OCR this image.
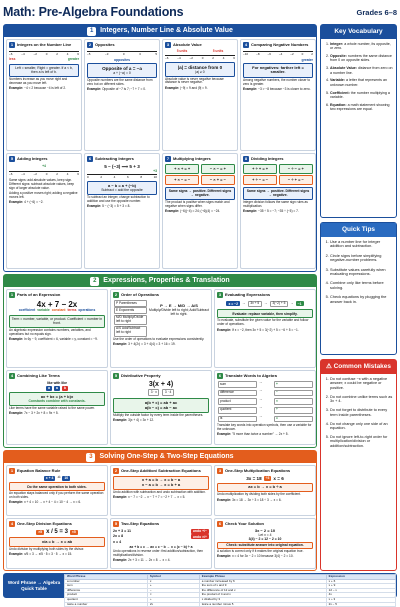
Math: Pre-Algebra Foundations	Grades 6–8
1 Integers, Number Line & Absolute Value
1 Integers on the Number Line
−6	−4	−2	0	2	4	6
less	greater
Left = smaller, Right = greater. If a < b, then a is left of b.

Numbers increase as you move right and decrease as you move left.

Example: −4 < 2 because −4 is left of 2.
2 Opposites
−5	−3	0	3	5
opposites
Opposite of a = −a
a + (−a) = 0

Opposite numbers are the same distance from zero but on different sides.

Example: Opposite of −7 is 7; −7 + 7 = 0.
3 Absolute Value
5 units	5 units
−6	−4	−2	0	2	4	6
|a| = distance from 0
|a| ≥ 0

Absolute value is never negative because distance is never negative.

Example: |−9| = 9 and |9| = 9.
4 Comparing Negative Numbers
−10	−8	−6	−4	−2	0	2
greater
For negatives: farther left = smaller.

Among negative numbers, the number closer to zero is greater.

Example: −3 > −8 because −3 is closer to zero.
5 Adding Integers
+4
−6	−4	−2	0	2	4	6

Same signs: add absolute values, keep sign. Different signs: subtract absolute values, keep sign of larger absolute value.

Adding a positive moves right; adding a negative moves left.

Example: 4 + (−6) = −2.
6 Subtracting Integers
5 − (−3) ⟹ 5 + 3
+3
0	2	4	6	8	10
a − b = a + (−b)
Subtract = add the opposite

To subtract an integer, change subtraction to addition and use the opposite number.

Example: 5 − (−3) = 5 + 3 = 8.
7 Multiplying Integers
+ × + = +	− × − = +
+ × − = −	− × + = −
Same signs → positive. Different signs → negative.

The product is positive when signs match and negative when signs differ.

Example: (−6)(−4) = 24; (−6)(4) = −24.
8 Dividing Integers
+ ÷ + = +	− ÷ − = +
+ ÷ − = −	− ÷ + = −
Same signs → positive. Different signs → negative.

Integer division follows the same sign rules as multiplication.

Example: −35 ÷ 5 = −7; −35 ÷ (−5) = 7.
2 Expressions, Properties & Translation
1 Parts of an Expression
4x + 7 − 2x
coefficient variable constant terms operations
Term = number, variable, or product. Coefficient = number in front.

An algebraic expression contains numbers, variables, and operations but no equals sign.

Example: In 6y − 9, coefficient = 6, variable = y, constant = −9.
2 Order of Operations
P Parentheses
E Exponents
M/D Multiply/Divide left to right
A/S Add/Subtract left to right
P → E → M/D → A/S
Multiply/Divide left to right; Add/Subtract left to right.

Use the order of operations to evaluate expressions consistently.

Example: 3 + 4(2²) = 3 + 4(4) = 3 + 16 = 19.
3 Evaluating Expressions
x = −2	→	3x + 5	→	3(−2) + 5	→	−1
Evaluate: replace variable, then simplify.

To evaluate, substitute the given value for the variable and follow order of operations.

Example: If x = −2, then 3x + 5 = 3(−2) + 5 = −6 + 5 = −1.
4 Combining Like Terms
like with like
a	a	b
ax + bx = (a + b)x
Constants combine with constants.

Like terms have the same variable raised to the same power.

Example: 7x − 3 + 2x + 8 = 9x + 5.
5 Distributive Property
3(x + 4)
3 · x	3 · 4
a(b + c) = ab + ac
a(b − c) = ab − ac

Multiply the outside factor by every term inside the parentheses.

Example: 3(x + 4) = 3x + 12.
6 Translate Words to Algebra
sum	→	+
difference	→	−
product	→	×
quotient	→	÷
is	→	=

Translate key words into operation symbols, then use a variable for the unknown.

Example: "5 more than twice a number" → 2x + 5.
3 Solving One-Step & Two-Step Equations
1 Equation Balance Rule
x + 4	⚖	10
Do the same operation to both sides.

An equation stays balanced only if you perform the same operation on both sides.

Example: x + 4 = 10 → x + 4 − 4 = 10 − 4 → x = 6.
2 One-Step Addition/ Subtraction Equations
x + a = b → x = b − a
x − a = b → x = b + a

Undo addition with subtraction and undo subtraction with addition.

Example: x − 7 = −2 → x − 7 + 7 = −2 + 7 → x = 5.
3 One-Step Multiplication Equations
3x = 18	÷3 x = 6
ax = b → x = b ÷ a

Undo multiplication by dividing both sides by the coefficient.

Example: 3x = 18 → 3x ÷ 3 = 18 ÷ 3 → x = 6.
4 One-Step Division Equations
×5 x / 5 = 3	×5
x/a = b → x = ab

Undo division by multiplying both sides by the divisor.

Example: x/5 = 3 → x/5 · 5 = 3 · 5 → x = 15.
5 Two-Step Equations
2x + 3 = 11	undo +/−
2x = 8	undo ×/÷
x = 4
ax + b = c → ax = c − b → x = (c − b) ÷ a

Undo operations in reverse order: first addition/subtraction, then multiplication/division.

Example: 2x + 3 = 11 → 2x = 8 → x = 4.
6 Check Your Solution
3x − 2 = 10
Let x = 4
3(4) − 2 = 12 − 2 = 10
Check: substitute answer into original equation.

A solution is correct only if it makes the original equation true.

Example: x = 4 for 3x − 2 = 10 because 3(4) − 2 = 10.
Key Vocabulary
1. Integer: a whole number, its opposite, or zero.
2. Opposite: numbers the same distance from 0 on opposite sides.
3. Absolute Value: distance from zero on a number line.
4. Variable: a letter that represents an unknown number.
5. Coefficient: the number multiplying a variable.
6. Equation: a math statement showing two expressions are equal.
Quick Tips
1. Use a number line for integer addition and subtraction.
2. Circle signs before simplifying negative-number problems.
3. Substitute values carefully when evaluating expressions.
4. Combine only like terms before solving.
5. Check equations by plugging the answer back in.
⚠ Common Mistakes
1. Do not confuse −x with a negative answer; x could be negative or positive.
2. Do not combine unlike terms such as 3x + 4.
3. Do not forget to distribute to every term inside parentheses.
4. Do not change only one side of an equation.
5. Do not ignore left-to-right order for multiplication/division or addition/subtraction.
Word Phrase → Algebra Quick Table
Word Phrase	Symbol	Example Phrase	Expression
a number	x	a number increased by 6	x + 6
sum	+	the sum of x and 9	x + 9
difference	−	the difference of 12 and x	12 − x
product	×	the product of 4 and x	4x
quotient	÷	x divided by 3	x ÷ 3
twice a number	2x	twice a number minus 5	2x − 5
